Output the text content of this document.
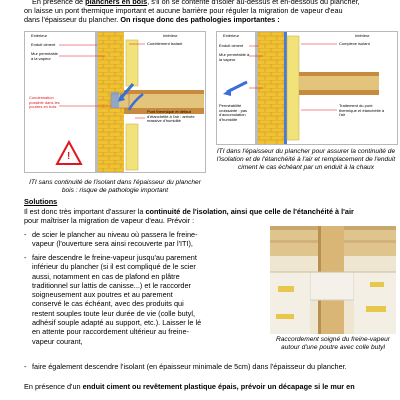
En présence de planchers en bois, s'il on se contente d'isoler au-dessus et en-dessous du plancher,
on laisse un pont thermique important et aucune barrière pour réguler la migration de vapeur d'eau
dans l'épaisseur du plancher. On risque donc des pathologies importantes :
Extérieur	Intérieur
Enduit ciment
Mur perméable à la vapeur
Condensation possible dans les poutres en bois
Comblement isolant
Pont thermique et défaut d'étanchéité à l'air : arrivée massive d'humidité
!
Extérieur	Intérieur
Enduit ciment
Mur perméable à la vapeur
Perméabilité croissante : pas d'accumulation d'humidité
Complexe isolant
Traitement du pont thermique et étanchéité à l'air
ITI sans continuité de l'isolant dans l'épaisseur du plancher bois : risque de pathologie important
ITI dans l'épaisseur du plancher pour assurer la continuité de l'isolation et de l'étanchéité à l'air et remplacement de l'enduit ciment le cas échéant par un enduit à la chaux
Solutions
Il est donc très important d'assurer la continuité de l'isolation, ainsi que celle de l'étanchéité à l'air
pour maîtriser la migration de vapeur d'eau. Prévoir :
- de scier le plancher au niveau où passera le freine-
vapeur (l'ouverture sera ainsi recouverte par l'ITI),
- faire descendre le freine-vapeur jusqu'au parement
inférieur du plancher (si il est compliqué de le scier
aussi, notamment en cas de plafond en plâtre
traditionnel sur lattis de canisse...) et le raccorder
soigneusement aux poutres et au parement
conservé le cas échéant, avec des produits qui
restent souples toute leur durée de vie (colle butyl,
adhésif souple adapté au support, etc.). Laisser le lé
en attente pour raccordement ultérieur au freine-
vapeur courant,
- faire également descendre l'isolant (en épaisseur minimale de 5cm) dans l'épaisseur du plancher.
Raccordement soigné du freine-vapeur autour d'une poutre avec colle butyl
En présence d'un enduit ciment ou revêtement plastique épais, prévoir un décapage si le mur en
